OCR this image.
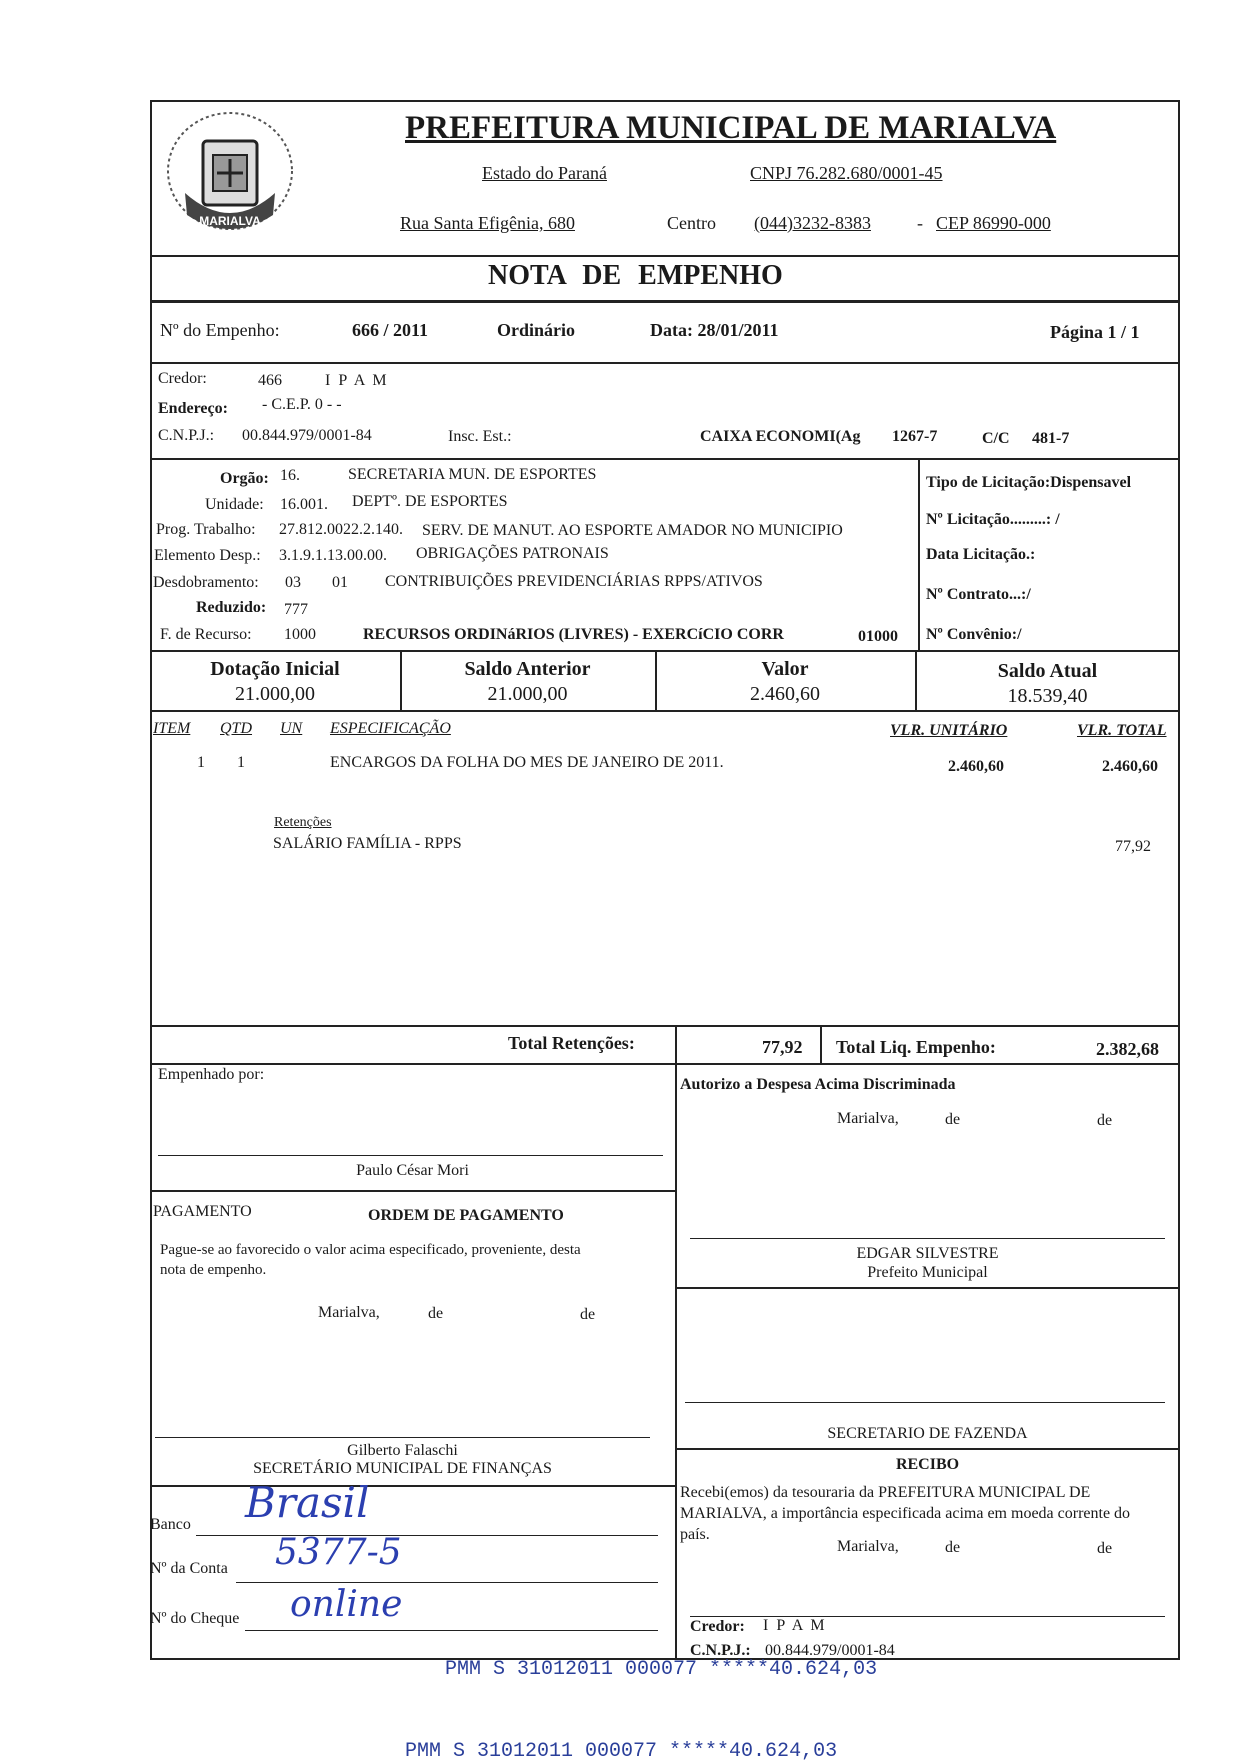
MARIALVA
PREFEITURA MUNICIPAL DE MARIALVA
Estado do Paraná	CNPJ 76.282.680/0001-45
Rua Santa Efigênia, 680	Centro (044)3232-8383	- CEP 86990-000
NOTA DE EMPENHO
Nº do Empenho:	666 / 2011	Ordinário	Data: 28/01/2011	Página 1 / 1
Credor:	466	I P A M
Endereço: - C.E.P. 0 - -
C.N.P.J.: 00.844.979/0001-84	Insc. Est.:	CAIXA ECONOMI(Ag 1267-7	C/C 481-7
Orgão: 16.	SECRETARIA MUN. DE ESPORTES
Unidade: 16.001. DEPTº. DE ESPORTES
Prog. Trabalho: 27.812.0022.2.140. SERV. DE MANUT. AO ESPORTE AMADOR NO MUNICIPIO
Elemento Desp.: 3.1.9.1.13.00.00. OBRIGAÇÕES PATRONAIS
Desdobramento: 03 01 CONTRIBUIÇÕES PREVIDENCIÁRIAS RPPS/ATIVOS
Reduzido: 777
F. de Recurso: 1000	RECURSOS ORDINáRIOS (LIVRES) - EXERCíCIO CORR	01000
Tipo de Licitação:Dispensavel
Nº Licitação.........: /
Data Licitação.:
Nº Contrato...:/
Nº Convênio:/
Dotação Inicial
21.000,00
Saldo Anterior
21.000,00
Valor
2.460,60
Saldo Atual
18.539,40
ITEM QTD UN ESPECIFICAÇÃO	VLR. UNITÁRIO	VLR. TOTAL
1 1	ENCARGOS DA FOLHA DO MES DE JANEIRO DE 2011.	2.460,60	2.460,60
Retenções
SALÁRIO FAMÍLIA - RPPS	77,92
Total Retenções:	77,92 Total Liq. Empenho:	2.382,68
Empenhado por:
Paulo César Mori
Autorizo a Despesa Acima Discriminada
Marialva,	de	de
EDGAR SILVESTRE
Prefeito Municipal
PAGAMENTO	ORDEM DE PAGAMENTO
Pague-se ao favorecido o valor acima especificado, proveniente, desta
nota de empenho.
Marialva,	de	de
Gilberto Falaschi
SECRETÁRIO MUNICIPAL DE FINANÇAS
SECRETARIO DE FAZENDA
Banco Brasil
Nº da Conta 5377-5
Nº do Cheque online
RECIBO
Recebi(emos) da tesouraria da PREFEITURA MUNICIPAL DE
MARIALVA, a importância especificada acima em moeda corrente do
país.
Marialva,	de	de
Credor: I P A M
C.N.P.J.: 00.844.979/0001-84
PMM S 31012011 000077 *****40.624,03
PMM S 31012011 000077 *****40.624,03
